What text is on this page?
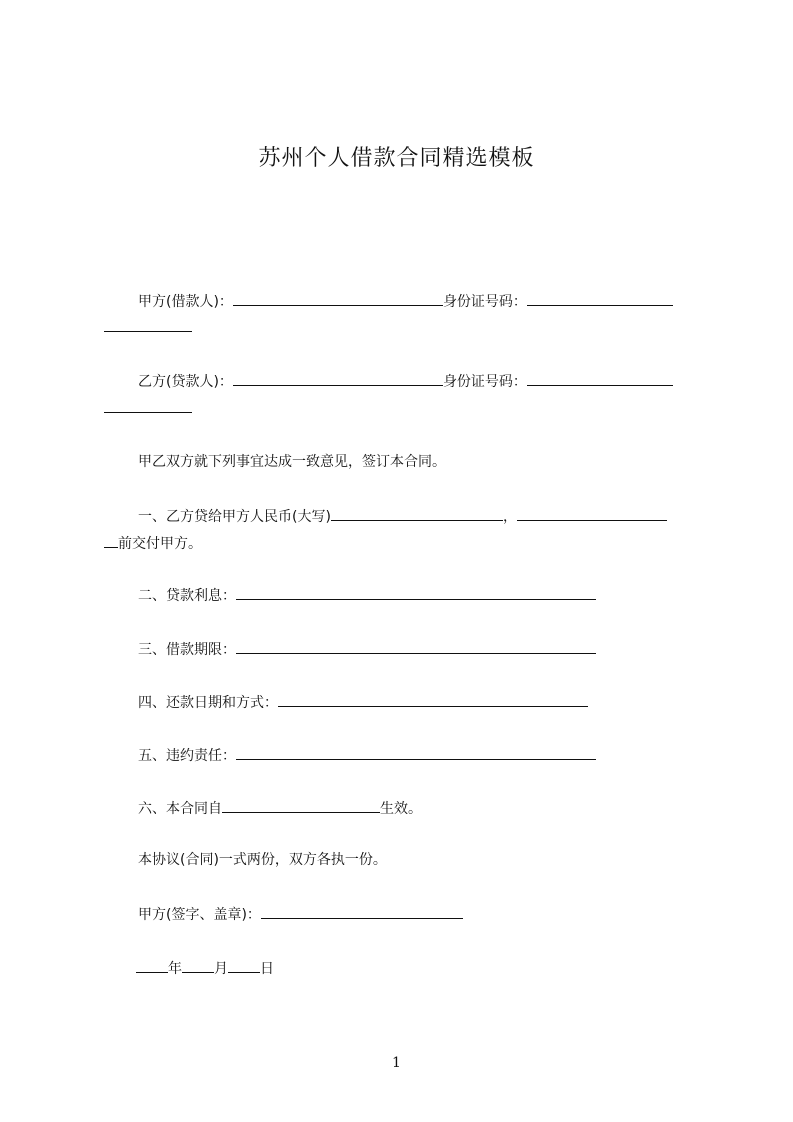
苏州个人借款合同精选模板
甲方(借款人)：	身份证号码：
乙方(贷款人)：	身份证号码：
甲乙双方就下列事宜达成一致意见，签订本合同。
一、乙方贷给甲方人民币(大写)	，
前交付甲方。
二、贷款利息：
三、借款期限：
四、还款日期和方式：
五、违约责任：
六、本合同自	生效。
本协议(合同)一式两份，双方各执一份。
甲方(签字、盖章)：
年 月 日
1
